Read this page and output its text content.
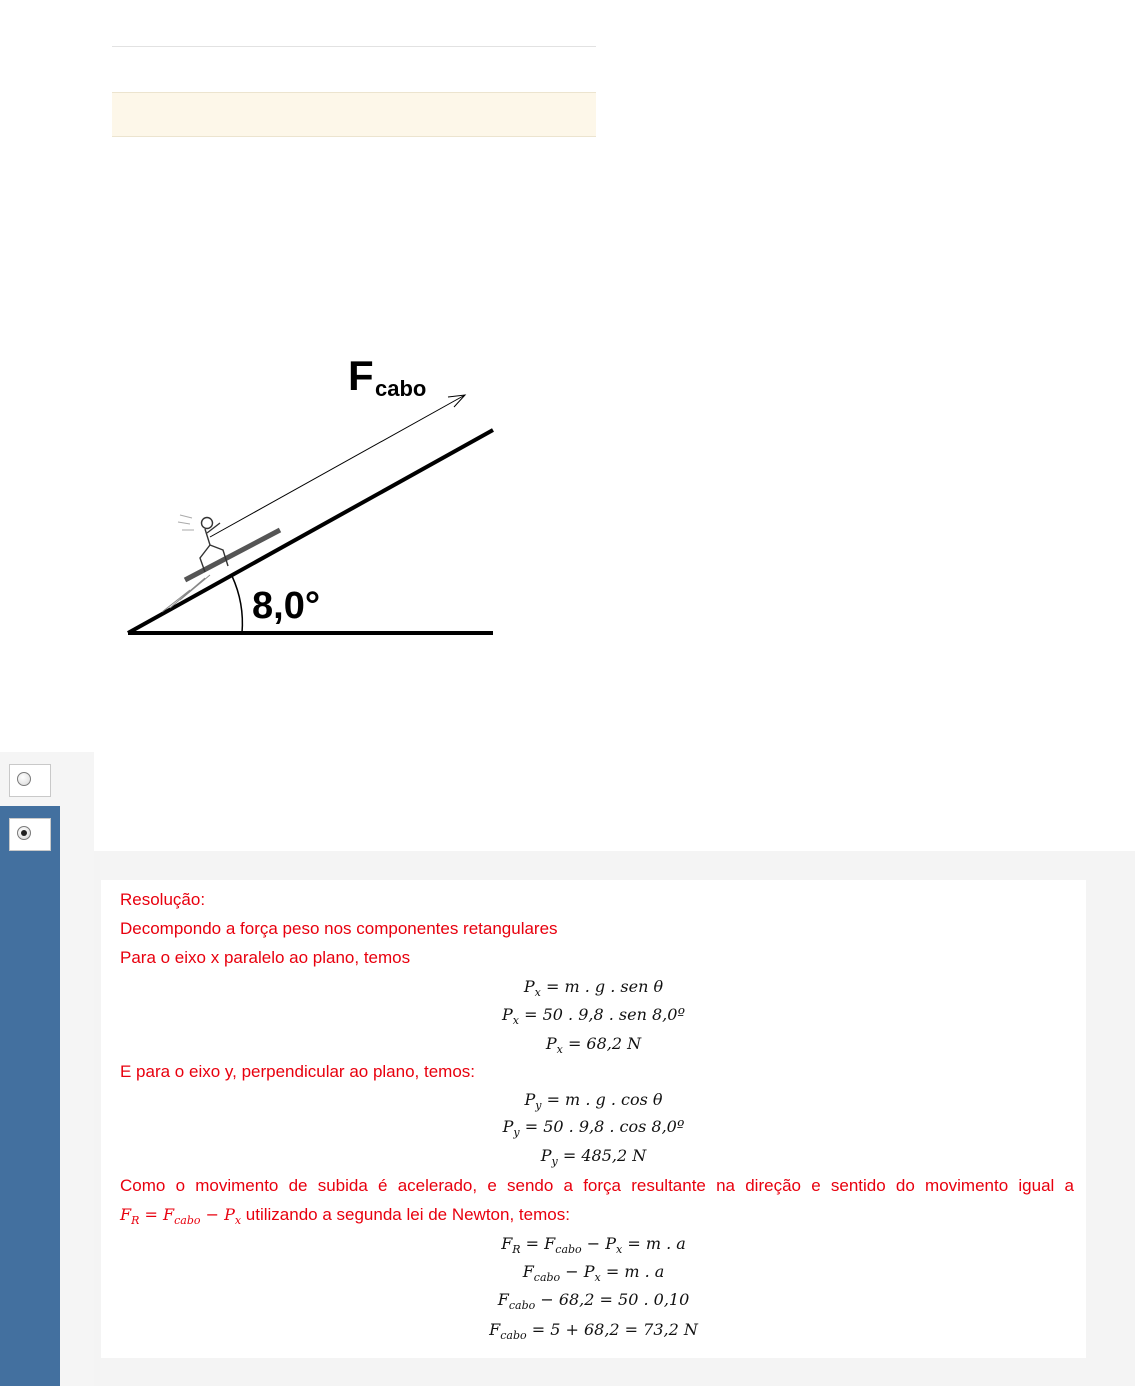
F cabo
8,0°
Resolução:
Decompondo a força peso nos componentes retangulares
Para o eixo x paralelo ao plano, temos
$P_x = m$ . g . sen θ
$P_x = 50$ . 9,8 . sen 8,0º
$P_x = 68,2$ N
E para o eixo y, perpendicular ao plano, temos:
$P_y = m$ . g . cos θ
$P_y = 50$ . 9,8 . cos 8,0º
$P_y = 485,2$ N
Como o movimento de subida é acelerado, e sendo a força resultante na direção e sentido do movimento igual a
$F_R = F_{cabo} - P_x$ utilizando a segunda lei de Newton, temos:
$F_R = F_{cabo} - P_x = m$ . a
$F_{cabo} - P_x = m$ . a
$F_{cabo} - 68,2 = 50$ . 0,10
$F_{cabo} = 5 + 68,2 = 73,2$ N
